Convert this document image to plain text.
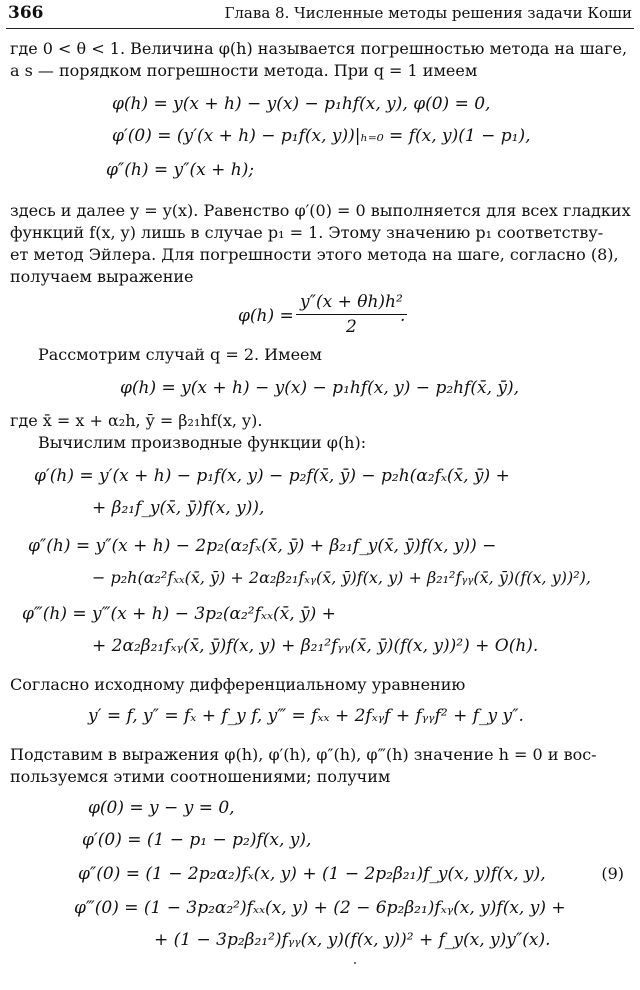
366	Глава 8. Численные методы решения задачи Коши
где 0 < θ < 1. Величина φ(h) называется погрешностью метода на шаге,
а s — порядком погрешности метода. При q = 1 имеем
φ(h) = y(x + h) − y(x) − p₁hf(x, y), φ(0) = 0,
φ′(0) = (y′(x + h) − p₁f(x, y))|ₕ₌₀ = f(x, y)(1 − p₁),
φ″(h) = y″(x + h);
здесь и далее y = y(x). Равенство φ′(0) = 0 выполняется для всех гладких
функций f(x, y) лишь в случае p₁ = 1. Этому значению p₁ соответству-
ет метод Эйлера. Для погрешности этого метода на шаге, согласно (8),
получаем выражение
$\varphi(h) = \frac{\text{y″(x + θh)h²}}{2}$
.
Рассмотрим случай q = 2. Имеем
φ(h) = y(x + h) − y(x) − p₁hf(x, y) − p₂hf(x̄, ȳ),
где x̄ = x + α₂h, ȳ = β₂₁hf(x, y).
Вычислим производные функции φ(h):
φ′(h) = y′(x + h) − p₁f(x, y) − p₂f(x̄, ȳ) − p₂h(α₂fₓ(x̄, ȳ) +
+ β₂₁f_y(x̄, ȳ)f(x, y)),
φ″(h) = y″(x + h) − 2p₂(α₂fₓ(x̄, ȳ) + β₂₁f_y(x̄, ȳ)f(x, y)) −
− p₂h(α₂²fₓₓ(x̄, ȳ) + 2α₂β₂₁fₓᵧ(x̄, ȳ)f(x, y) + β₂₁²fᵧᵧ(x̄, ȳ)(f(x, y))²),
φ‴(h) = y‴(x + h) − 3p₂(α₂²fₓₓ(x̄, ȳ) +
+ 2α₂β₂₁fₓᵧ(x̄, ȳ)f(x, y) + β₂₁²fᵧᵧ(x̄, ȳ)(f(x, y))²) + O(h).
Согласно исходному дифференциальному уравнению
y′ = f, y″ = fₓ + f_y f, y‴ = fₓₓ + 2fₓᵧf + fᵧᵧf² + f_y y″.
Подставим в выражения φ(h), φ′(h), φ″(h), φ‴(h) значение h = 0 и вос-
пользуемся этими соотношениями; получим
φ(0) = y − y = 0,
φ′(0) = (1 − p₁ − p₂)f(x, y),
φ″(0) = (1 − 2p₂α₂)fₓ(x, y) + (1 − 2p₂β₂₁)f_y(x, y)f(x, y),	(9)
φ‴(0) = (1 − 3p₂α₂²)fₓₓ(x, y) + (2 − 6p₂β₂₁)fₓᵧ(x, y)f(x, y) +
+ (1 − 3p₂β₂₁²)fᵧᵧ(x, y)(f(x, y))² + f_y(x, y)y″(x).
